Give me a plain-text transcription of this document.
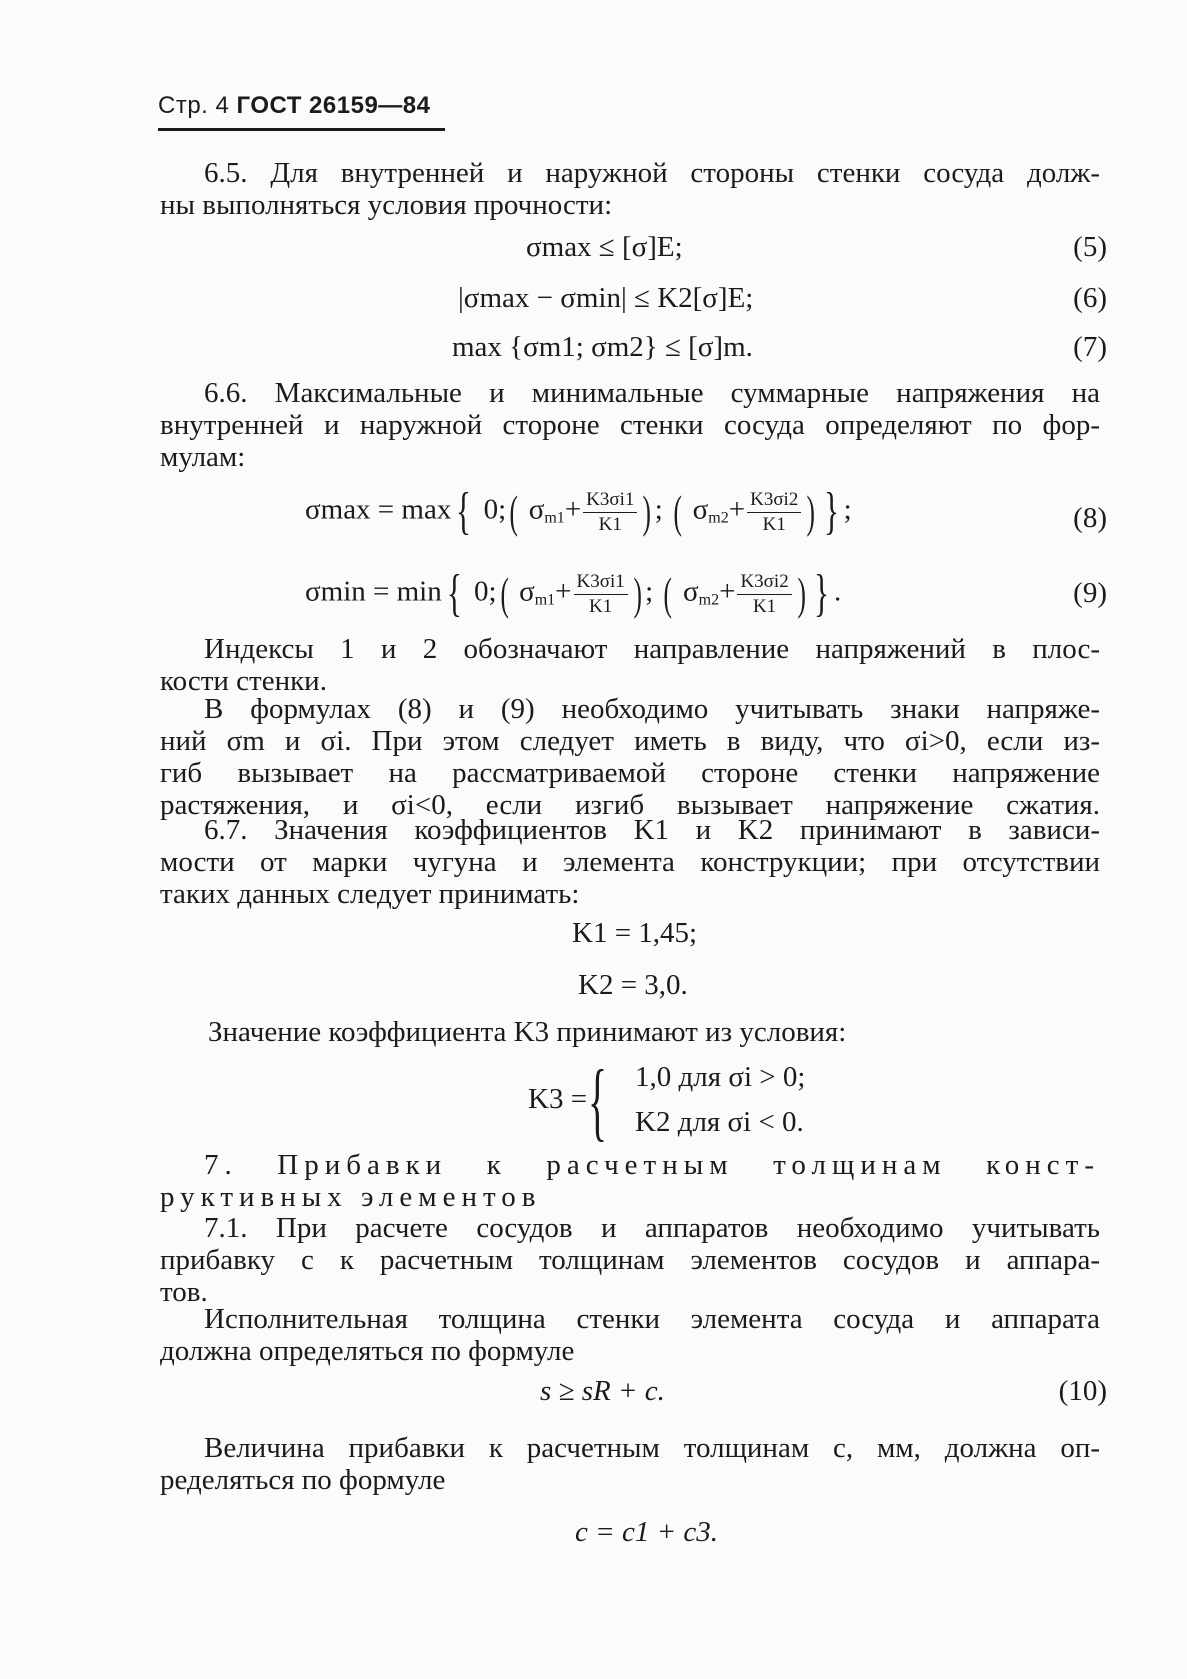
Стр. 4 ГОСТ 26159—84

6.5. Для внутренней и наружной стороны стенки сосуда долж-
ны выполняться условия прочности:

σmax ≤ [σ]E;	(5)
|σmax − σmin| ≤ K2[σ]E;	(6)
max {σm1; σm2} ≤ [σ]m.	(7)

6.6. Максимальные и минимальные суммарные напряжения на
внутренней и наружной стороне стенки сосуда определяют по фор-
мулам:

σmax = max{ 0;( $\sigma_{m1}+ \frac{K3\sigma i1}{K1}$ ) ; ( $\sigma_{m2}+ \frac{K3\sigma i2}{K1}$ ) } ;	(8)
σmin = min{ 0;( $\sigma_{m1}+ \frac{K3\sigma i1}{K1}$ ) ; ( $\sigma_{m2}+ \frac{K3\sigma i2}{K1}$ ) } .	(9)

Индексы 1 и 2 обозначают направление напряжений в плос-
кости стенки.

В формулах (8) и (9) необходимо учитывать знаки напряже-
ний σm и σi. При этом следует иметь в виду, что σi>0, если из-
гиб вызывает на рассматриваемой стороне стенки напряжение
растяжения, и σi<0, если изгиб вызывает напряжение сжатия.

6.7. Значения коэффициентов K1 и K2 принимают в зависи-
мости от марки чугуна и элемента конструкции; при отсутствии
таких данных следует принимать:

K1 = 1,45;
K2 = 3,0.

Значение коэффициента K3 принимают из условия:

K3 = { 1,0 для σi > 0;
K2 для σi < 0.

7. Прибавки к расчетным толщинам конст-
руктивных элементов

7.1. При расчете сосудов и аппаратов необходимо учитывать
прибавку c к расчетным толщинам элементов сосудов и аппара-
тов.

Исполнительная толщина стенки элемента сосуда и аппарата
должна определяться по формуле

s ≥ sR + c.	(10)

Величина прибавки к расчетным толщинам c, мм, должна оп-
ределяться по формуле

c = c1 + c3.
